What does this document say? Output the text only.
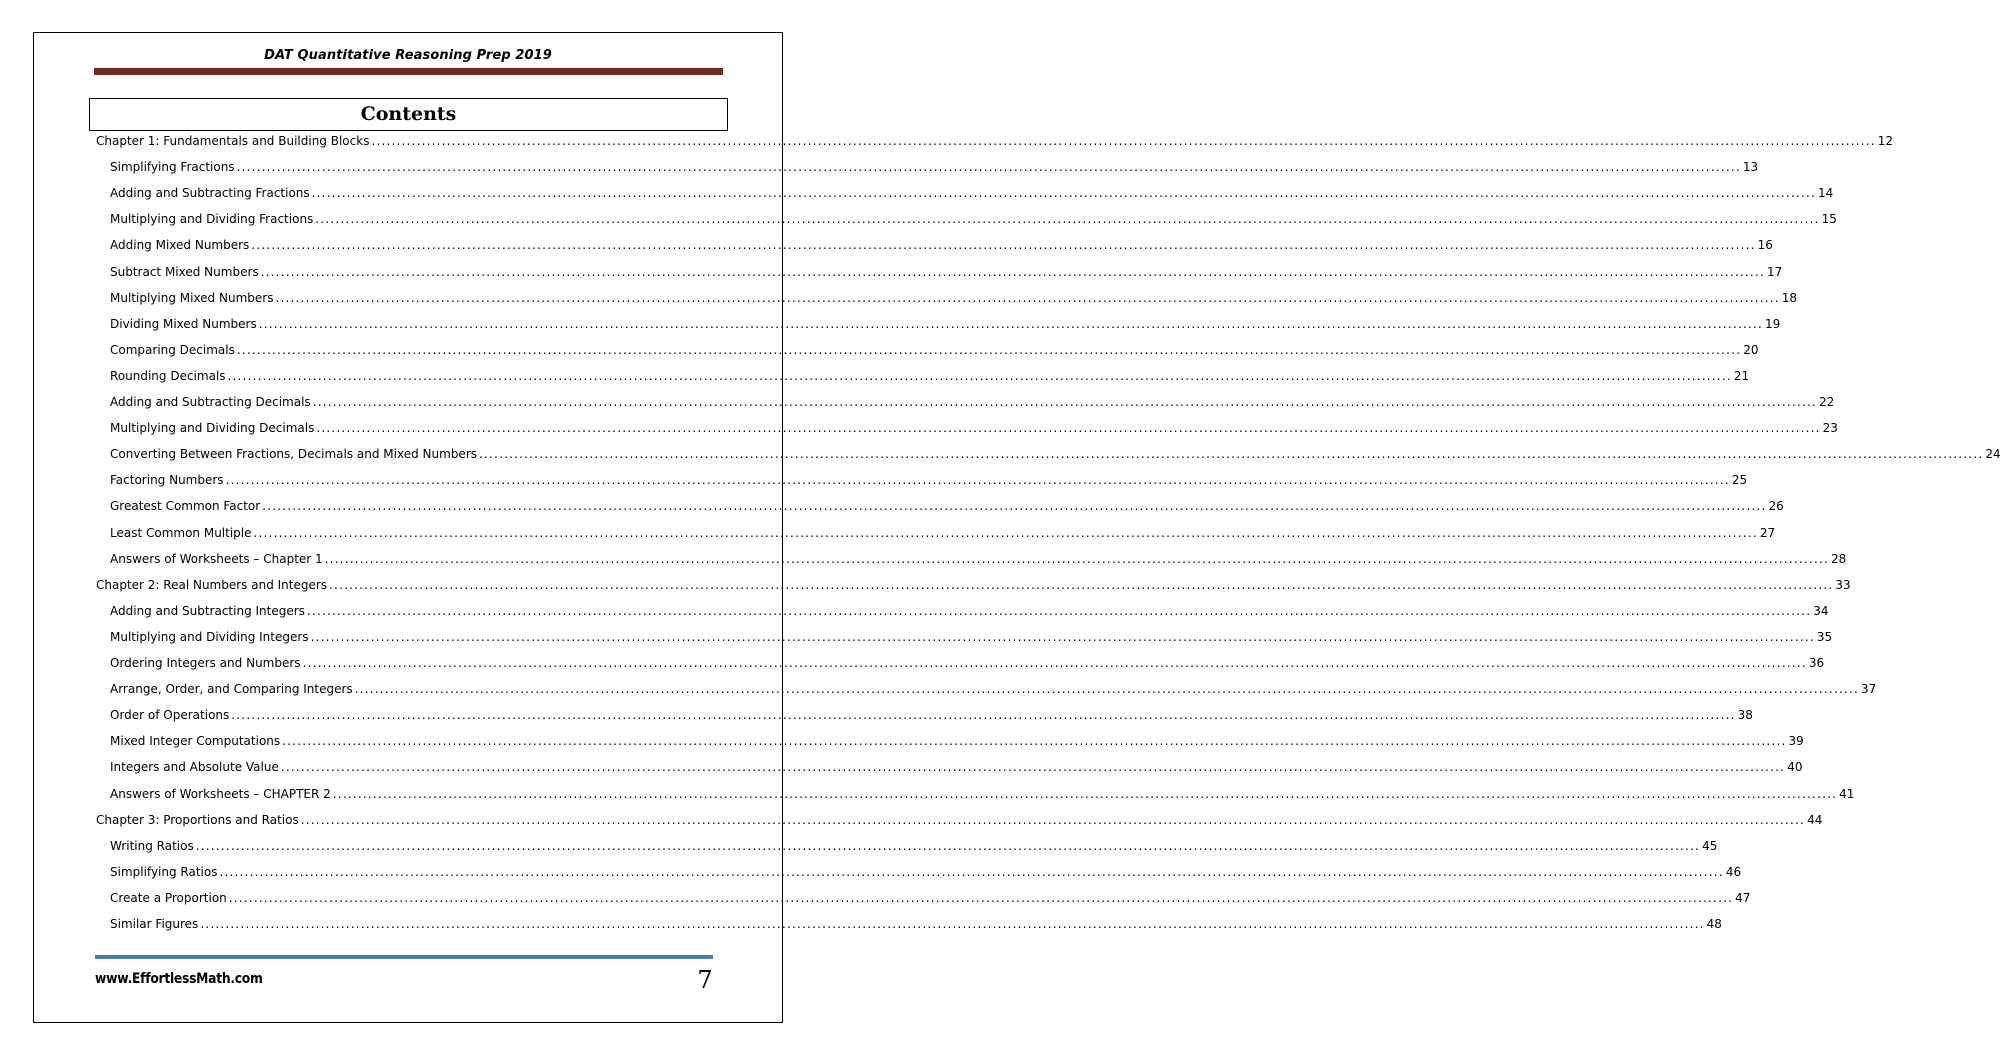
DAT Quantitative Reasoning Prep 2019
Contents
Chapter 1: Fundamentals and Building Blocks ............................................................................................................................................................................................................................................................................................................ 12
Simplifying Fractions ............................................................................................................................................................................................................................................................................................................ 13
Adding and Subtracting Fractions ............................................................................................................................................................................................................................................................................................................ 14
Multiplying and Dividing Fractions ............................................................................................................................................................................................................................................................................................................ 15
Adding Mixed Numbers ............................................................................................................................................................................................................................................................................................................ 16
Subtract Mixed Numbers ............................................................................................................................................................................................................................................................................................................ 17
Multiplying Mixed Numbers ............................................................................................................................................................................................................................................................................................................ 18
Dividing Mixed Numbers ............................................................................................................................................................................................................................................................................................................ 19
Comparing Decimals ............................................................................................................................................................................................................................................................................................................ 20
Rounding Decimals ............................................................................................................................................................................................................................................................................................................ 21
Adding and Subtracting Decimals ............................................................................................................................................................................................................................................................................................................ 22
Multiplying and Dividing Decimals ............................................................................................................................................................................................................................................................................................................ 23
Converting Between Fractions, Decimals and Mixed Numbers ............................................................................................................................................................................................................................................................................................................ 24
Factoring Numbers ............................................................................................................................................................................................................................................................................................................ 25
Greatest Common Factor ............................................................................................................................................................................................................................................................................................................ 26
Least Common Multiple ............................................................................................................................................................................................................................................................................................................ 27
Answers of Worksheets – Chapter 1 ............................................................................................................................................................................................................................................................................................................ 28
Chapter 2: Real Numbers and Integers ............................................................................................................................................................................................................................................................................................................ 33
Adding and Subtracting Integers ............................................................................................................................................................................................................................................................................................................ 34
Multiplying and Dividing Integers ............................................................................................................................................................................................................................................................................................................ 35
Ordering Integers and Numbers ............................................................................................................................................................................................................................................................................................................ 36
Arrange, Order, and Comparing Integers ............................................................................................................................................................................................................................................................................................................ 37
Order of Operations ............................................................................................................................................................................................................................................................................................................ 38
Mixed Integer Computations ............................................................................................................................................................................................................................................................................................................ 39
Integers and Absolute Value ............................................................................................................................................................................................................................................................................................................ 40
Answers of Worksheets – CHAPTER 2 ............................................................................................................................................................................................................................................................................................................ 41
Chapter 3: Proportions and Ratios ............................................................................................................................................................................................................................................................................................................ 44
Writing Ratios ............................................................................................................................................................................................................................................................................................................ 45
Simplifying Ratios ............................................................................................................................................................................................................................................................................................................ 46
Create a Proportion ............................................................................................................................................................................................................................................................................................................ 47
Similar Figures ............................................................................................................................................................................................................................................................................................................ 48
www.EffortlessMath.com	7
